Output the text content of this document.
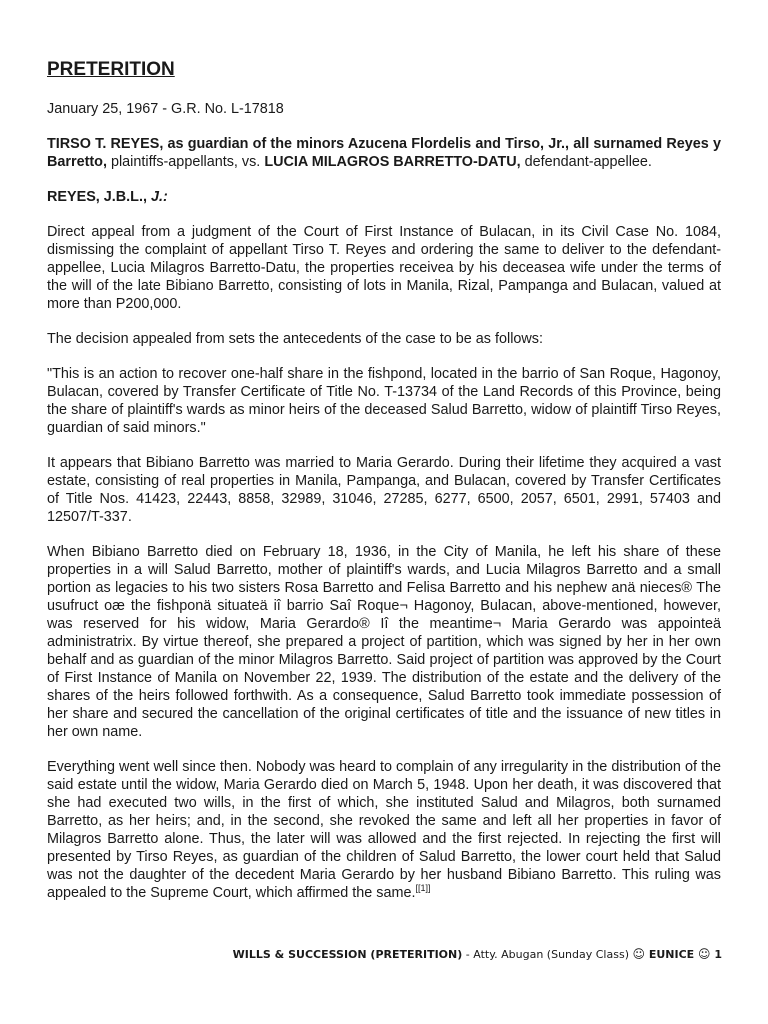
PRETERITION

January 25, 1967 - G.R. No. L-17818

TIRSO T. REYES, as guardian of the minors Azucena Flordelis and Tirso, Jr., all surnamed Reyes y Barretto, plaintiffs-appellants, vs. LUCIA MILAGROS BARRETTO-DATU, defendant-appellee.

REYES, J.B.L., J.:

Direct appeal from a judgment of the Court of First Instance of Bulacan, in its Civil Case No. 1084, dismissing the complaint of appellant Tirso T. Reyes and ordering the same to deliver to the defendant-appellee, Lucia Milagros Barretto-Datu, the properties receivea by his deceasea wife under the terms of the will of the late Bibiano Barretto, consisting of lots in Manila, Rizal, Pampanga and Bulacan, valued at more than P200,000.

The decision appealed from sets the antecedents of the case to be as follows:

"This is an action to recover one-half share in the fishpond, located in the barrio of San Roque, Hagonoy, Bulacan, covered by Transfer Certificate of Title No. T-13734 of the Land Records of this Province, being the share of plaintiff's wards as minor heirs of the deceased Salud Barretto, widow of plaintiff Tirso Reyes, guardian of said minors."

It appears that Bibiano Barretto was married to Maria Gerardo. During their lifetime they acquired a vast estate, consisting of real properties in Manila, Pampanga, and Bulacan, covered by Transfer Certificates of Title Nos. 41423, 22443, 8858, 32989, 31046, 27285, 6277, 6500, 2057, 6501, 2991, 57403 and 12507/T-337.

When Bibiano Barretto died on February 18, 1936, in the City of Manila, he left his share of these properties in a will Salud Barretto, mother of plaintiff's wards, and Lucia Milagros Barretto and a small portion as legacies to his two sisters Rosa Barretto and Felisa Barretto and his nephew anä nieces® The usufruct oæ the fishponä situateä iî barrio Saî Roque¬ Hagonoy, Bulacan, above-mentioned, however, was reserved for his widow, Maria Gerardo® Iî the meantime¬ Maria Gerardo was appointeä administratrix. By virtue thereof, she prepared a project of partition, which was signed by her in her own behalf and as guardian of the minor Milagros Barretto. Said project of partition was approved by the Court of First Instance of Manila on November 22, 1939. The distribution of the estate and the delivery of the shares of the heirs followed forthwith. As a consequence, Salud Barretto took immediate possession of her share and secured the cancellation of the original certificates of title and the issuance of new titles in her own name.

Everything went well since then. Nobody was heard to complain of any irregularity in the distribution of the said estate until the widow, Maria Gerardo died on March 5, 1948. Upon her death, it was discovered that she had executed two wills, in the first of which, she instituted Salud and Milagros, both surnamed Barretto, as her heirs; and, in the second, she revoked the same and left all her properties in favor of Milagros Barretto alone. Thus, the later will was allowed and the first rejected. In rejecting the first will presented by Tirso Reyes, as guardian of the children of Salud Barretto, the lower court held that Salud was not the daughter of the decedent Maria Gerardo by her husband Bibiano Barretto. This ruling was appealed to the Supreme Court, which affirmed the same.[[1]]

WILLS & SUCCESSION (PRETERITION) - Atty. Abugan (Sunday Class) ☺ EUNICE ☺ 1
